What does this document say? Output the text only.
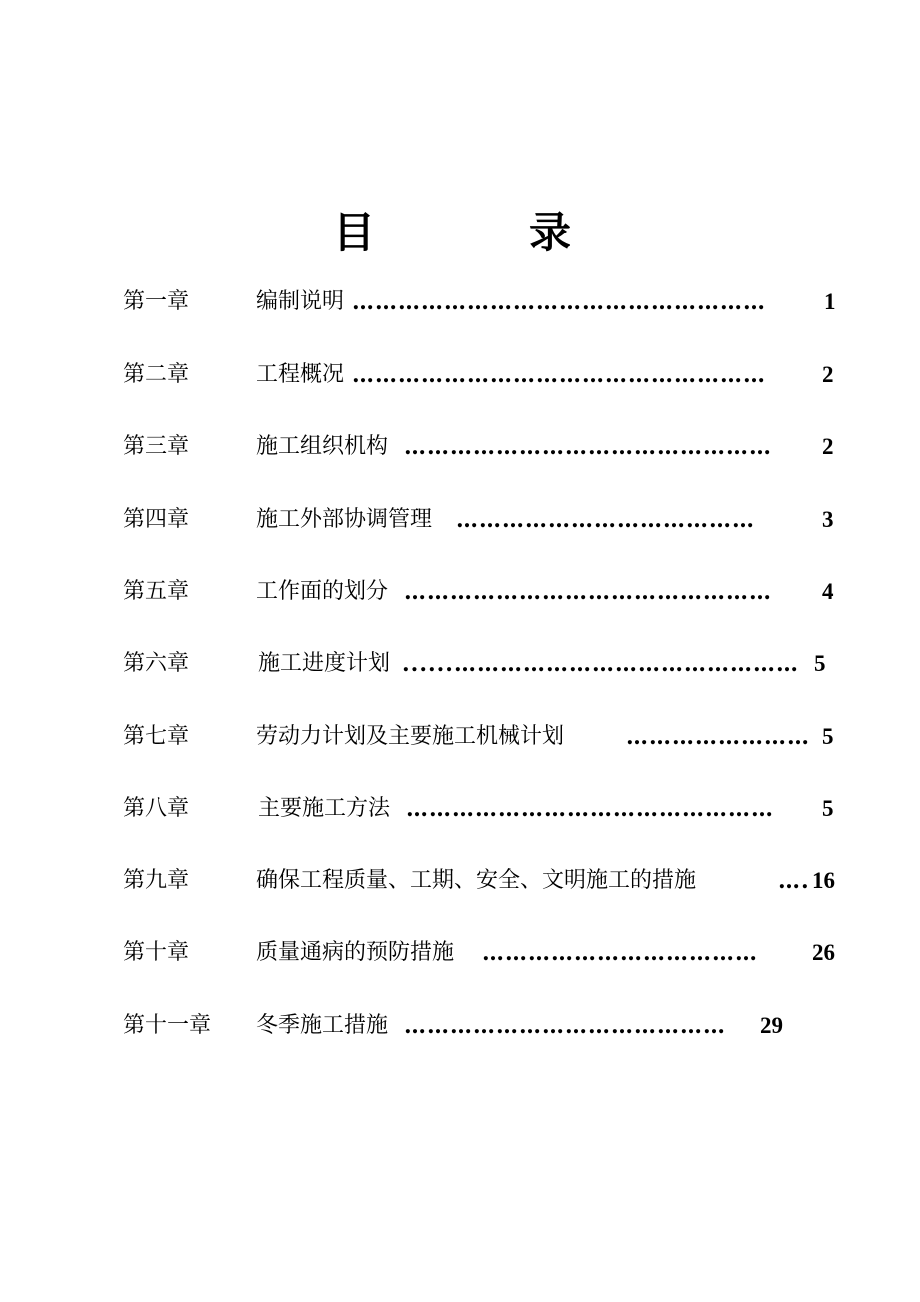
目　录
第一章	编制说明 ………………………………………………	1
第二章	工程概况 ………………………………………………	2
第三章	施工组织机构 …………………………………………	2
第四章	施工外部协调管理 …………………………………	3
第五章	工作面的划分 …………………………………………	4
第六章	施工进度计划 ......……………………………………… 5
第七章	劳动力计划及主要施工机械计划	…………………… 5
第八章	主要施工方法 …………………………………………	5
第九章	确保工程质量、工期、安全、文明施工的措施	…. 16
第十章	质量通病的预防措施 ………………………………	26
第十一章 冬季施工措施 ……………………………………	29
